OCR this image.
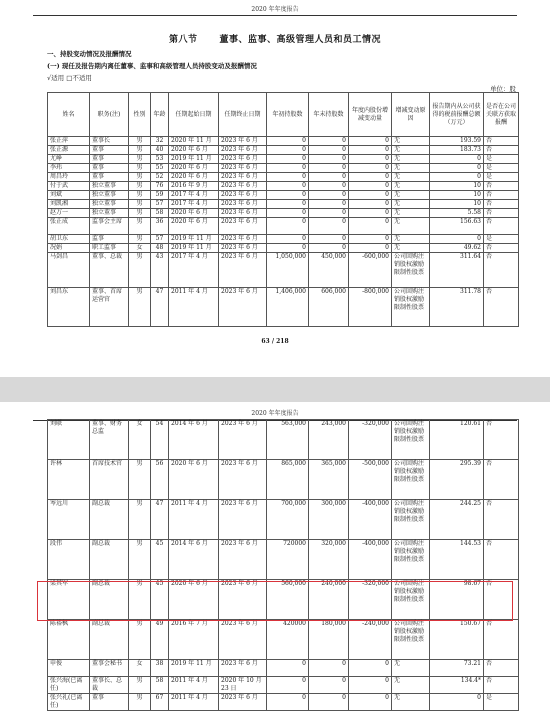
2020 年年度报告
第八节 董事、监事、高级管理人员和员工情况
一、持股变动情况及报酬情况
(一) 现任及报告期内离任董事、监事和高级管理人员持股变动及报酬情况
√适用 □不适用
单位：股
姓名	职务(注)	性别	年龄	任期起始日期	任期终止日期	年初持股数	年末持股数	年度内股份增减变动量	增减变动原因	报告期内从公司获得的税前报酬总额（万元）	是否在公司关联方获取报酬
张正萍	董事长	男	32	2020 年 11 月	2023 年 6 月	0	0	0	无	193.59	否
张正源	董事	男	40	2020 年 6 月	2023 年 6 月	0	0	0	无	183.73	否
尤峥	董事	男	53	2019 年 11 月	2023 年 6 月	0	0	0	无	0	是
李玮	董事	男	55	2020 年 6 月	2023 年 6 月	0	0	0	无	0	是
周昌玲	董事	男	52	2020 年 6 月	2023 年 6 月	0	0	0	无	0	是
付于武	独立董事	男	76	2016 年 9 月	2023 年 6 月	0	0	0	无	10	否
刘斌	独立董事	男	59	2017 年 4 月	2023 年 6 月	0	0	0	无	10	否
刘凯湘	独立董事	男	57	2017 年 4 月	2023 年 6 月	0	0	0	无	10	否
赵万一	独立董事	男	58	2020 年 6 月	2023 年 6 月	0	0	0	无	5.58	否
张正成	监事会主席	男	36	2020 年 6 月	2023 年 6 月	0	0	0	无	156.63	否
胡卫东	监事	男	57	2019 年 11 月	2023 年 6 月	0	0	0	无	0	是
况娟	职工监事	女	48	2019 年 11 月	2023 年 6 月	0	0	0	无	49.62	否
马剑昌	董事、总裁	男	43	2017 年 4 月	2023 年 6 月	1,050,000	450,000	-600,000	公司回购注销股权激励限制性股票	311.64	否
刘昌东	董事、首席运营官	男	47	2011 年 4 月	2023 年 6 月	1,406,000	606,000	-800,000	公司回购注销股权激励限制性股票	311.78	否
63 / 218
2020 年年度报告
刘联	董事、财务总监	女	54	2014 年 6 月	2023 年 6 月	563,000	243,000	-320,000	公司回购注销股权激励限制性股票	120.61	否
许林	首席技术官	男	56	2020 年 6 月	2023 年 6 月	865,000	365,000	-500,000	公司回购注销股权激励限制性股票	295.39	否
岑远川	副总裁	男	47	2011 年 4 月	2023 年 6 月	700,000	300,000	-400,000	公司回购注销股权激励限制性股票	244.25	否
段伟	副总裁	男	45	2014 年 6 月	2023 年 6 月	720000	320,000	-400,000	公司回购注销股权激励限制性股票	144.53	否
梁其军	副总裁	男	45	2020 年 6 月	2023 年 6 月	560,000	240,000	-320,000	公司回购注销股权激励限制性股票	98.67	否
陈裕枫	副总裁	男	49	2016 年 7 月	2023 年 6 月	420000	180,000	-240,000	公司回购注销股权激励限制性股票	150.67	否
申俊	董事会秘书	女	38	2019 年 11 月	2023 年 6 月	0	0	0	无	73.21	否
张兴海(已离任)	董事长、总裁	男	58	2011 年 4 月	2020 年 10 月 23 日	0	0	0	无	134.4*	否
张兴礼(已离任)	董事	男	67	2011 年 4 月	2023 年 6 月	0	0	0	无	0	是
